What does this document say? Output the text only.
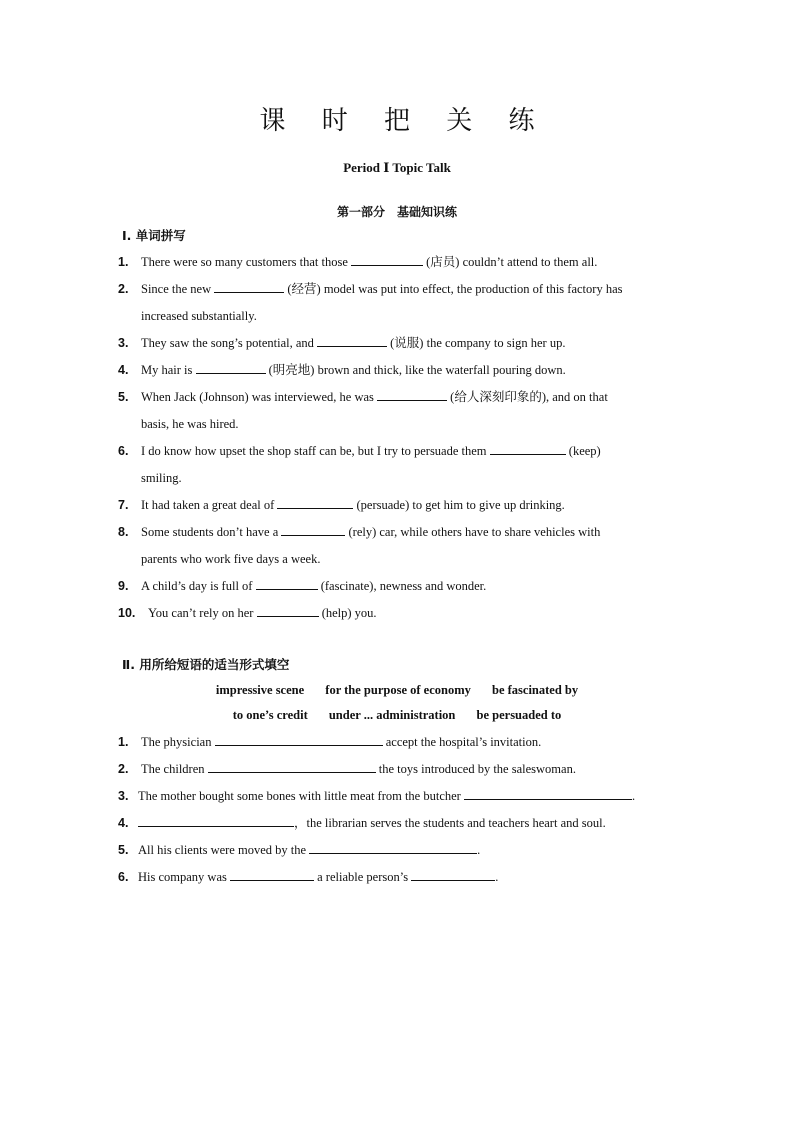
课 时 把 关 练
Period Ⅰ Topic Talk
第一部分　基础知识练
Ⅰ. 单词拼写
1. There were so many customers that those	(店员) couldn’t attend to them all.
2. Since the new	(经营) model was put into effect, the production of this factory has
increased substantially.
3. They saw the song’s potential, and	(说服) the company to sign her up.
4. My hair is	(明亮地) brown and thick, like the waterfall pouring down.
5. When Jack (Johnson) was interviewed, he was	(给人深刻印象的), and on that
basis, he was hired.
6. I do know how upset the shop staff can be, but I try to persuade them	(keep)
smiling.
7. It had taken a great deal of	(persuade) to get him to give up drinking.
8. Some students don’t have a	(rely) car, while others have to share vehicles with
parents who work five days a week.
9. A child’s day is full of	(fascinate), newness and wonder.
10. You can’t rely on her	(help) you.
Ⅱ. 用所给短语的适当形式填空
impressive scene for the purpose of economy be fascinated by
to one’s credit under ... administration be persuaded to
1. The physician	accept the hospital’s invitation.
2. The children	the toys introduced by the saleswoman.
3. The mother bought some bones with little meat from the butcher	.
4.	，the librarian serves the students and teachers heart and soul.
5. All his clients were moved by the	.
6. His company was	a reliable person’s	.
